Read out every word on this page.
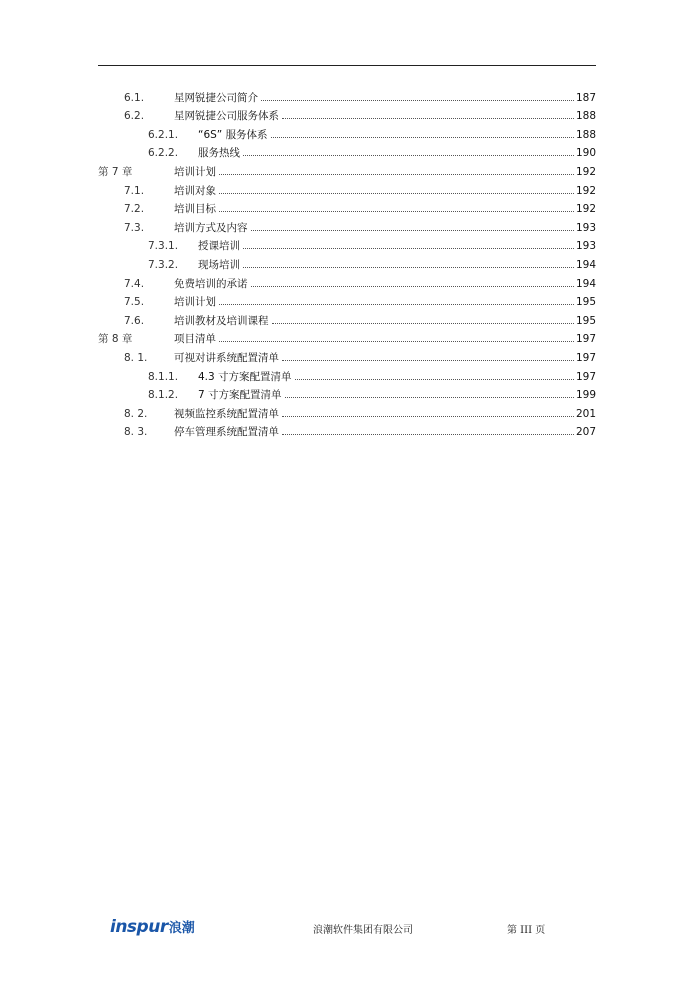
6.1.	星网锐捷公司简介	187
6.2.	星网锐捷公司服务体系	188
6.2.1.	“6S” 服务体系	188
6.2.2.	服务热线	190
第 7 章	培训计划	192
7.1.	培训对象	192
7.2.	培训目标	192
7.3.	培训方式及内容	193
7.3.1.	授课培训	193
7.3.2.	现场培训	194
7.4.	免费培训的承诺	194
7.5.	培训计划	195
7.6.	培训教材及培训课程	195
第 8 章	项目清单	197
8. 1.	可视对讲系统配置清单	197
8.1.1.	4.3 寸方案配置清单	197
8.1.2.	7 寸方案配置清单	199
8. 2.	视频监控系统配置清单	201
8. 3.	停车管理系统配置清单	207
inspur 浪潮	浪潮软件集团有限公司	第 III 页
